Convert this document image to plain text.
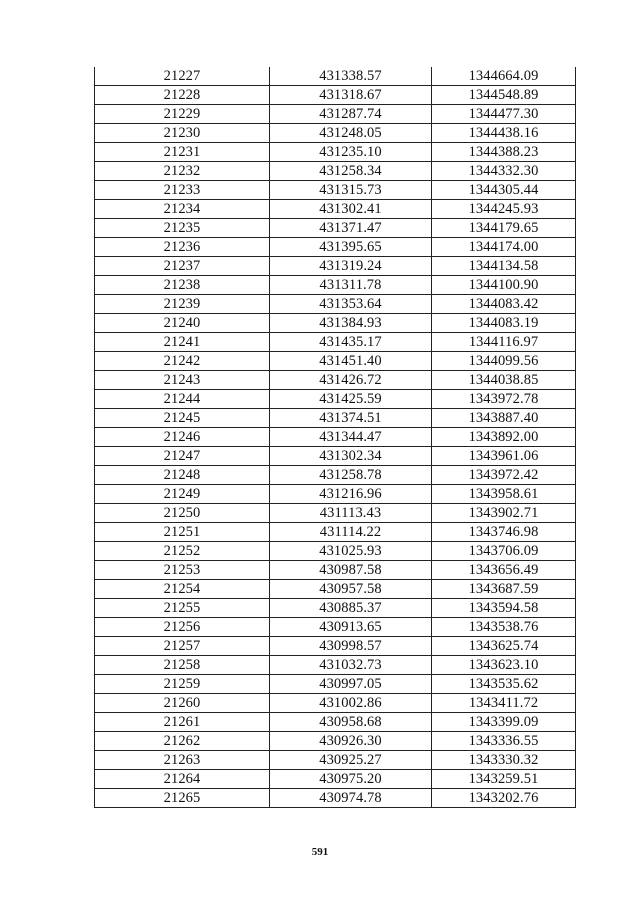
21227	431338.57	1344664.09
21228	431318.67	1344548.89
21229	431287.74	1344477.30
21230	431248.05	1344438.16
21231	431235.10	1344388.23
21232	431258.34	1344332.30
21233	431315.73	1344305.44
21234	431302.41	1344245.93
21235	431371.47	1344179.65
21236	431395.65	1344174.00
21237	431319.24	1344134.58
21238	431311.78	1344100.90
21239	431353.64	1344083.42
21240	431384.93	1344083.19
21241	431435.17	1344116.97
21242	431451.40	1344099.56
21243	431426.72	1344038.85
21244	431425.59	1343972.78
21245	431374.51	1343887.40
21246	431344.47	1343892.00
21247	431302.34	1343961.06
21248	431258.78	1343972.42
21249	431216.96	1343958.61
21250	431113.43	1343902.71
21251	431114.22	1343746.98
21252	431025.93	1343706.09
21253	430987.58	1343656.49
21254	430957.58	1343687.59
21255	430885.37	1343594.58
21256	430913.65	1343538.76
21257	430998.57	1343625.74
21258	431032.73	1343623.10
21259	430997.05	1343535.62
21260	431002.86	1343411.72
21261	430958.68	1343399.09
21262	430926.30	1343336.55
21263	430925.27	1343330.32
21264	430975.20	1343259.51
21265	430974.78	1343202.76
591
